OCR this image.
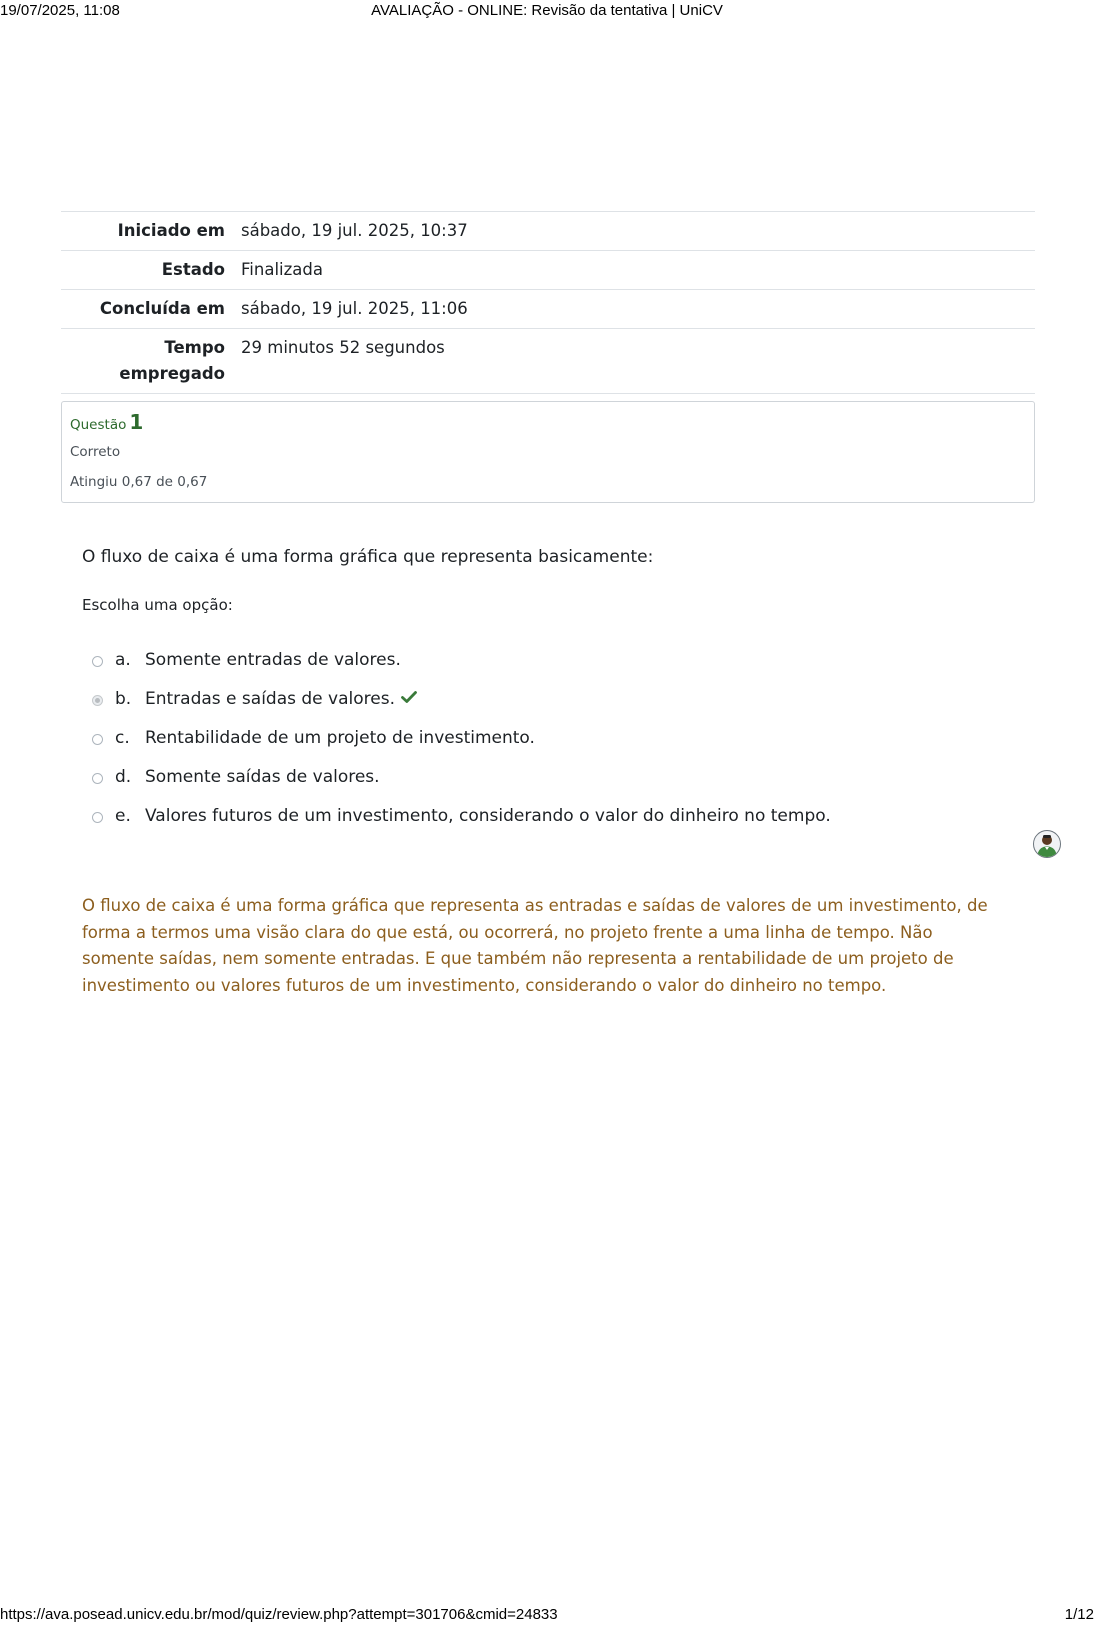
19/07/2025, 11:08	AVALIAÇÃO - ONLINE: Revisão da tentativa | UniCV
Iniciado em	sábado, 19 jul. 2025, 10:37
Estado	Finalizada
Concluída em	sábado, 19 jul. 2025, 11:06
Tempo
empregado	29 minutos 52 segundos

Questão 1
Correto
Atingiu 0,67 de 0,67
O fluxo de caixa é uma forma gráfica que representa basicamente:
Escolha uma opção:
a. Somente entradas de valores.
b. Entradas e saídas de valores.
c. Rentabilidade de um projeto de investimento.
d. Somente saídas de valores.
e. Valores futuros de um investimento, considerando o valor do dinheiro no tempo.
O fluxo de caixa é uma forma gráfica que representa as entradas e saídas de valores de um investimento, de forma a termos uma visão clara do que está, ou ocorrerá, no projeto frente a uma linha de tempo. Não somente saídas, nem somente entradas. E que também não representa a rentabilidade de um projeto de investimento ou valores futuros de um investimento, considerando o valor do dinheiro no tempo.
https://ava.posead.unicv.edu.br/mod/quiz/review.php?attempt=301706&cmid=24833	1/12
